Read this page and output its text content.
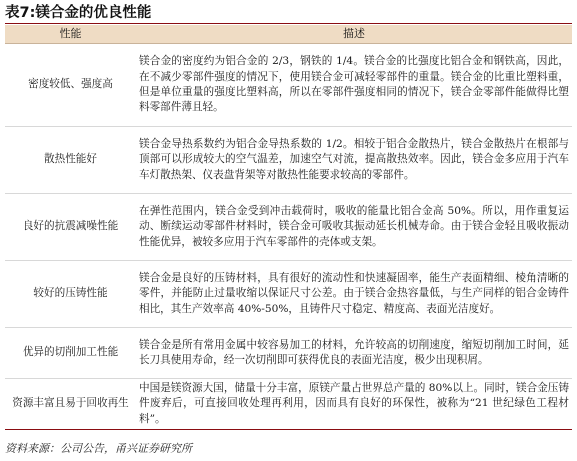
表7:镁合金的优良性能
性能	描述
密度较低、强度高	镁合金的密度约为铝合金的 2/3，钢铁的 1/4。镁合金的比强度比铝合金和钢铁高，因此，在不减少零部件强度的情况下，使用镁合金可减轻零部件的重量。镁合金的比重比塑料重，但是单位重量的强度比塑料高，所以在零部件强度相同的情况下，镁合金零部件能做得比塑料零部件薄且轻。
散热性能好	镁合金导热系数约为铝合金导热系数的 1/2。相较于铝合金散热片，镁合金散热片在根部与顶部可以形成较大的空气温差，加速空气对流，提高散热效率。因此，镁合金多应用于汽车车灯散热架、仪表盘背架等对散热性能要求较高的零部件。
良好的抗震减噪性能	在弹性范围内，镁合金受到冲击载荷时，吸收的能量比铝合金高 50%。所以，用作重复运动、断续运动零部件材料时，镁合金可吸收其振动延长机械寿命。由于镁合金轻且吸收振动性能优异，被较多应用于汽车零部件的壳体或支架。
较好的压铸性能	镁合金是良好的压铸材料，具有很好的流动性和快速凝固率，能生产表面精细、棱角清晰的零件，并能防止过量收缩以保证尺寸公差。由于镁合金热容量低，与生产同样的铝合金铸件相比，其生产效率高 40%-50%，且铸件尺寸稳定、精度高、表面光洁度好。
优异的切削加工性能	镁合金是所有常用金属中较容易加工的材料，允许较高的切削速度，缩短切削加工时间，延长刀具使用寿命，经一次切削即可获得优良的表面光洁度，极少出现积屑。
资源丰富且易于回收再生	中国是镁资源大国，储量十分丰富，原镁产量占世界总产量的 80%以上。同时，镁合金压铸件废弃后，可直接回收处理再利用，因而具有良好的环保性，被称为“21 世纪绿色工程材料”。
资料来源：公司公告，甬兴证券研究所
